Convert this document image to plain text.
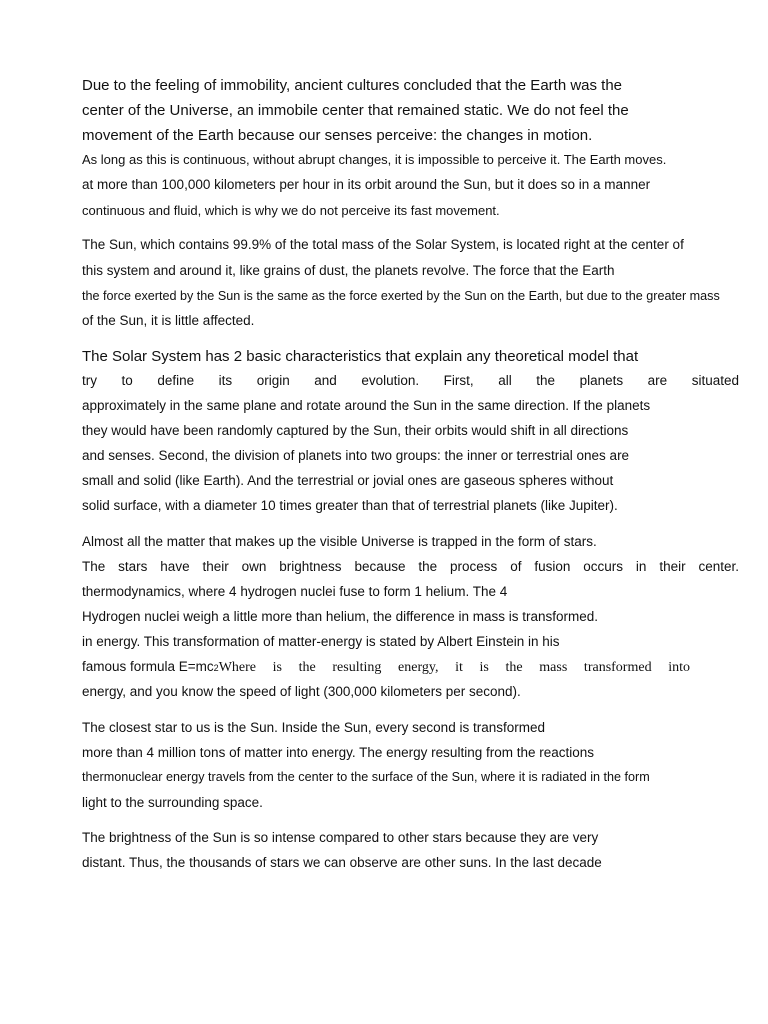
Due to the feeling of immobility, ancient cultures concluded that the Earth was the

center of the Universe, an immobile center that remained static. We do not feel the

movement of the Earth because our senses perceive: the changes in motion.

As long as this is continuous, without abrupt changes, it is impossible to perceive it. The Earth moves.

at more than 100,000 kilometers per hour in its orbit around the Sun, but it does so in a manner

continuous and fluid, which is why we do not perceive its fast movement.

The Sun, which contains 99.9% of the total mass of the Solar System, is located right at the center of

this system and around it, like grains of dust, the planets revolve. The force that the Earth

the force exerted by the Sun is the same as the force exerted by the Sun on the Earth, but due to the greater mass

of the Sun, it is little affected.

The Solar System has 2 basic characteristics that explain any theoretical model that

try to define its origin and evolution. First, all the planets are situated

approximately in the same plane and rotate around the Sun in the same direction. If the planets

they would have been randomly captured by the Sun, their orbits would shift in all directions

and senses. Second, the division of planets into two groups: the inner or terrestrial ones are

small and solid (like Earth). And the terrestrial or jovial ones are gaseous spheres without

solid surface, with a diameter 10 times greater than that of terrestrial planets (like Jupiter).

Almost all the matter that makes up the visible Universe is trapped in the form of stars.

The stars have their own brightness because the process of fusion occurs in their center.

thermodynamics, where 4 hydrogen nuclei fuse to form 1 helium. The 4

Hydrogen nuclei weigh a little more than helium, the difference in mass is transformed.

in energy. This transformation of matter-energy is stated by Albert Einstein in his

famous formula E=mc 2 Where is the resulting energy, it is the mass transformed into

energy, and you know the speed of light (300,000 kilometers per second).

The closest star to us is the Sun. Inside the Sun, every second is transformed

more than 4 million tons of matter into energy. The energy resulting from the reactions

thermonuclear energy travels from the center to the surface of the Sun, where it is radiated in the form

light to the surrounding space.

The brightness of the Sun is so intense compared to other stars because they are very

distant. Thus, the thousands of stars we can observe are other suns. In the last decade
